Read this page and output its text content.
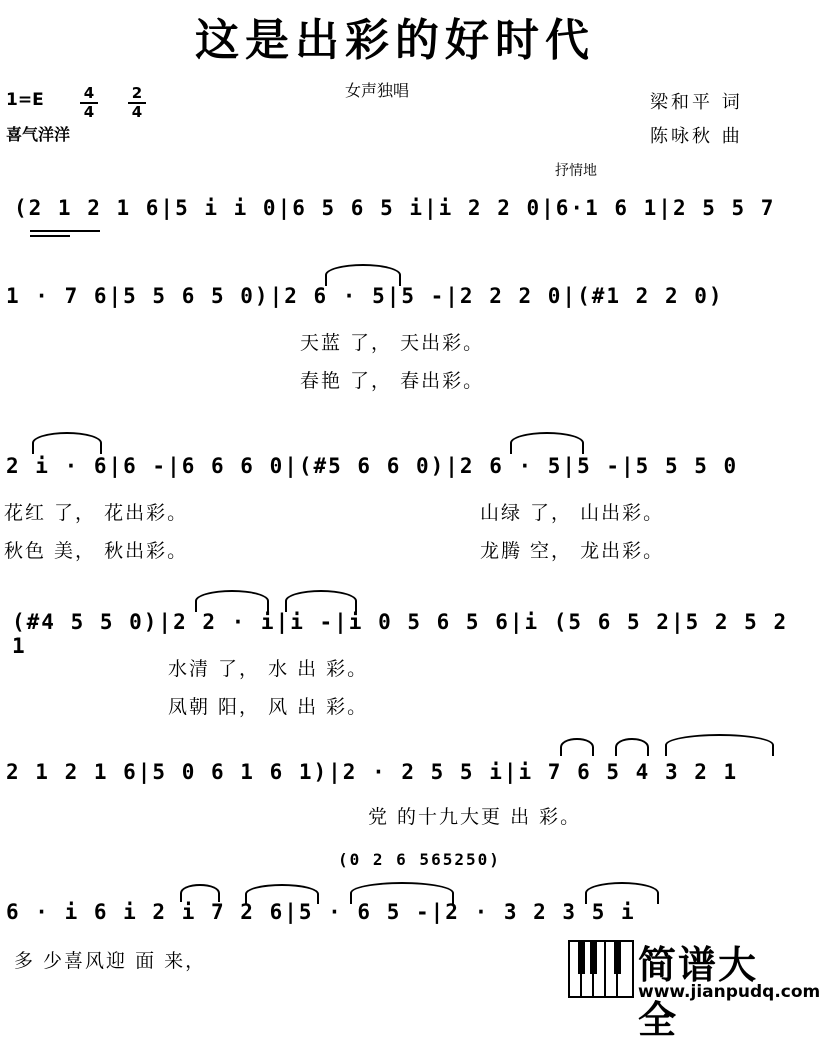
这是出彩的好时代
1=E	4
4
2
4
女声独唱
喜气洋洋
梁和平 词
陈咏秋 曲
抒情地
(2 1 2 1 6|5 i i 0|6 5 6 5 i|i 2 2 0|6·1 6 1|2 5 5 7
1 · 7 6|5 5 6 5 0)|2 6 · 5|5 -|2 2 2 0|(#1 2 2 0)
天蓝 了， 天出彩。
春艳 了， 春出彩。
2 i · 6|6 -|6 6 6 0|(#5 6 6 0)|2 6 · 5|5 -|5 5 5 0
花红 了， 花出彩。
秋色 美， 秋出彩。
山绿 了， 山出彩。
龙腾 空， 龙出彩。
(#4 5 5 0)|2 2 · i|i -|i 0 5 6 5 6|i (5 6 5 2|5 2 5 2 1
水清 了， 水 出 彩。
凤朝 阳， 风 出 彩。
2 1 2 1 6|5 0 6 1 6 1)|2 · 2 5 5 i|i 7 6 5 4 3 2 1
党 的十九大更 出 彩。
(0 2 6 565250)
6 · i 6 i 2 i 7 2 6|5 · 6 5 -|2 · 3 2 3 5 i
多 少喜风迎 面 来，	简谱大全
www.jianpudq.com
